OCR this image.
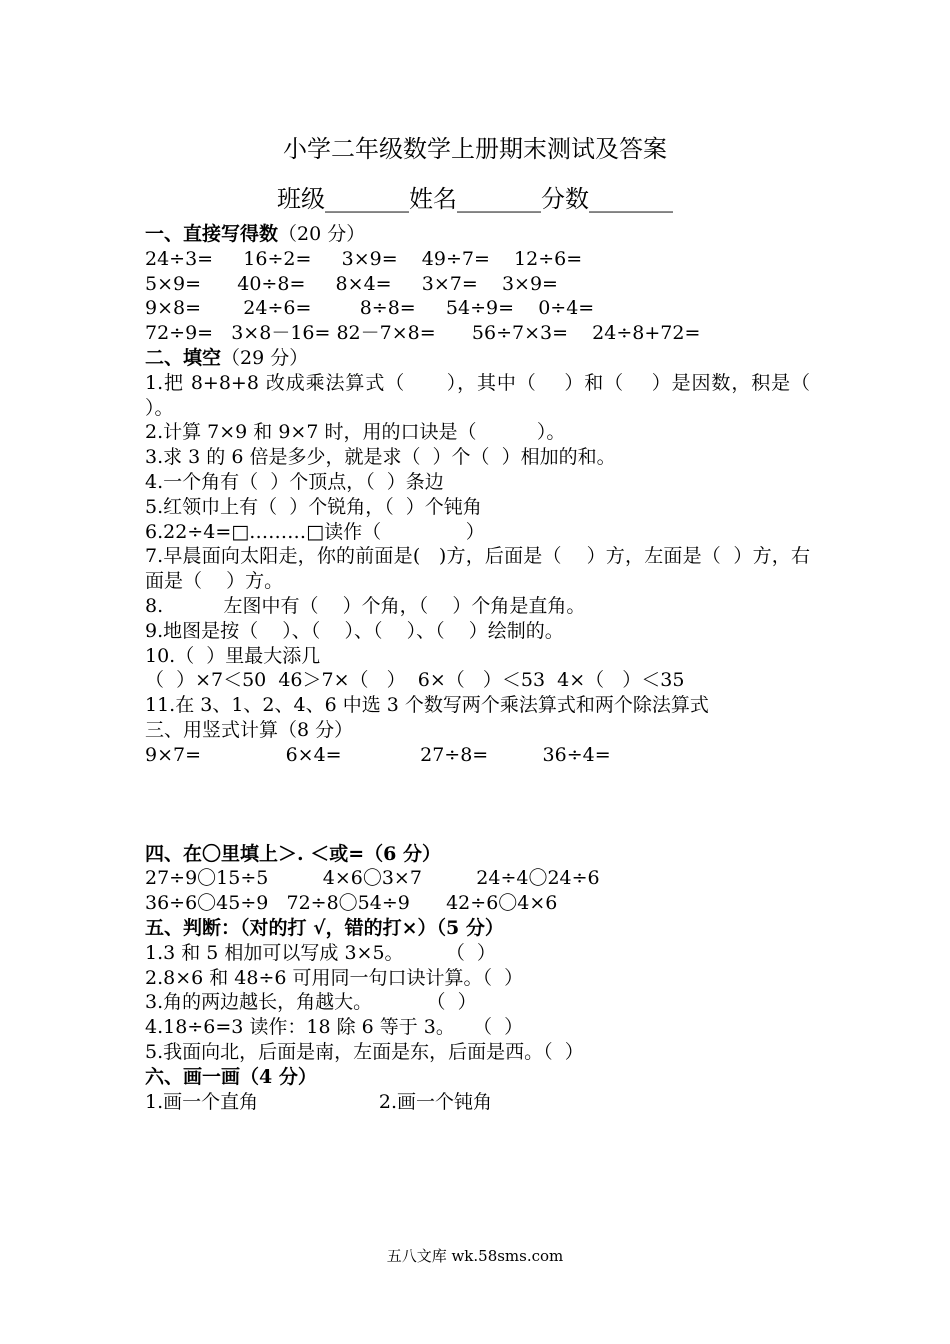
小学二年级数学上册期末测试及答案
班级_______姓名_______分数_______
一、直接写得数（20 分）
24÷3=     16÷2=     3×9=    49÷7=    12÷6=
5×9=      40÷8=     8×4=     3×7=    3×9=
9×8=       24÷6=        8÷8=     54÷9=    0÷4=
72÷9=   3×8－16= 82－7×8=      56÷7×3=    24÷8+72=
二、填空（29 分）
1.把 8+8+8 改成乘法算式（      ），其中（    ）和（    ）是因数，积是（  ）。
2.计算 7×9 和 9×7 时，用的口诀是（          ）。
3.求 3 的 6 倍是多少，就是求（  ）个（  ）相加的和。
4.一个角有（  ）个顶点，（  ）条边
5.红领巾上有（  ）个锐角，（  ）个钝角
6.22÷4=□………□读作（              ）
7.早晨面向太阳走，你的前面是(   )方，后面是（    ）方，左面是（  ）方，右面是（    ）方。
8.          左图中有（    ）个角，（    ）个角是直角。
9.地图是按（    ）、（    ）、（    ）、（    ）绘制的。
10.（  ）里最大添几
（  ）×7＜50  46＞7×（   ）  6×（   ）＜53  4×（   ）＜35
11.在 3、1、2、4、6 中选 3 个数写两个乘法算式和两个除法算式
三、用竖式计算（8 分）
9×7=              6×4=             27÷8=         36÷4=
四、在〇里填上＞. ＜或=（6 分）
27÷9〇15÷5         4×6〇3×7         24÷4〇24÷6
36÷6〇45÷9   72÷8〇54÷9      42÷6〇4×6
五、判断：（对的打 √，错的打×）（5 分）
1.3 和 5 相加可以写成 3×5。       （  ）
2.8×6 和 48÷6 可用同一句口诀计算。（  ）
3.角的两边越长，角越大。         （  ）
4.18÷6=3 读作：18 除 6 等于 3。   （  ）
5.我面向北，后面是南，左面是东，后面是西。（  ）
六、画一画（4 分）
1.画一个直角                    2.画一个钝角
五八文库 wk.58sms.com
